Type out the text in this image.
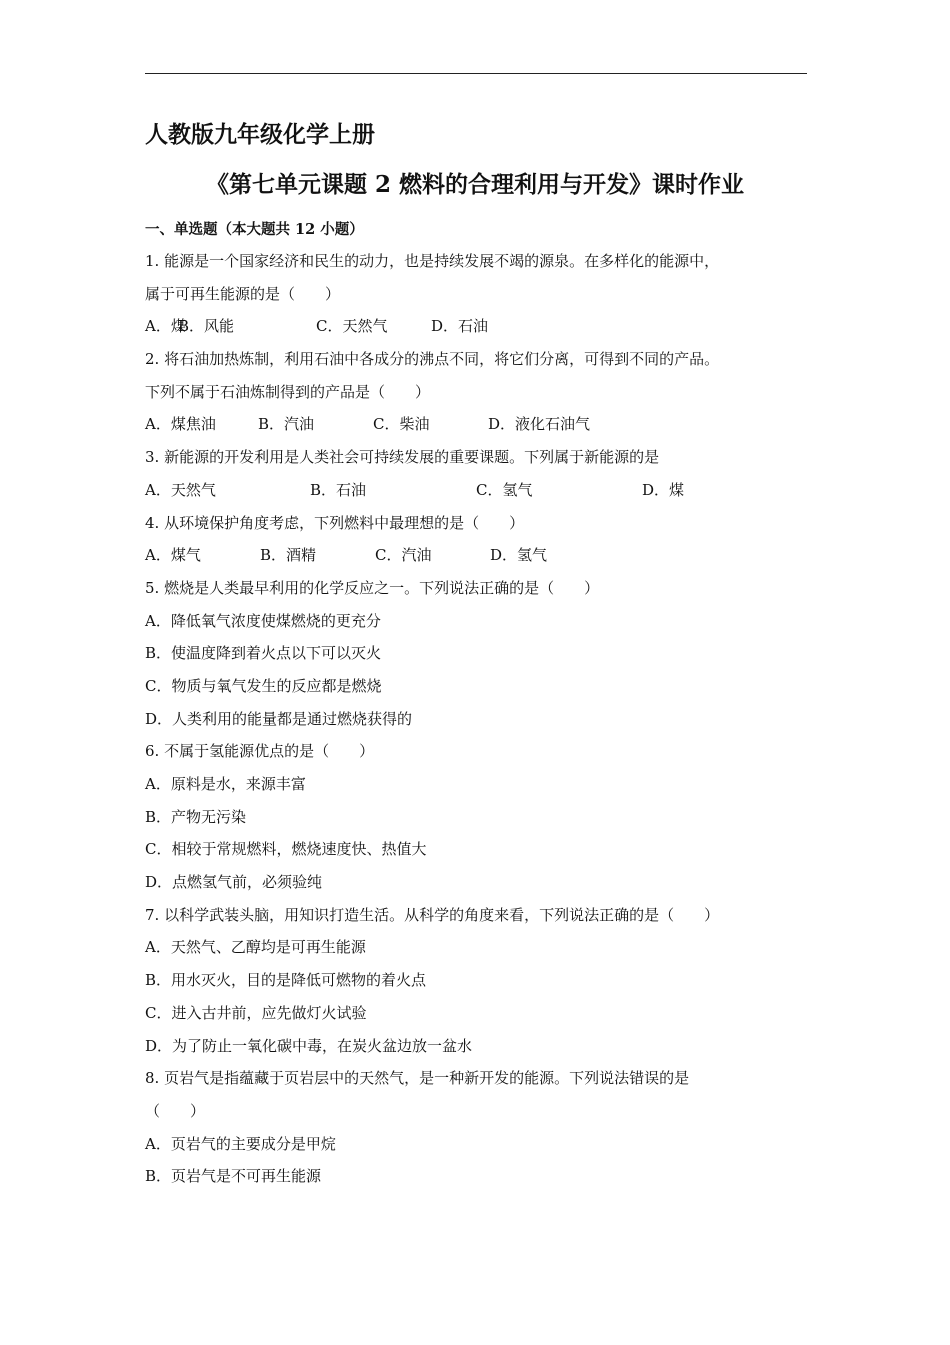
人教版九年级化学上册
《第七单元课题 2 燃料的合理利用与开发》课时作业
一、单选题（本大题共 12 小题）
1. 能源是一个国家经济和民生的动力，也是持续发展不竭的源泉。在多样化的能源中，
属于可再生能源的是（　　）
A．煤
B．风能	C．天然气	D．石油
2. 将石油加热炼制，利用石油中各成分的沸点不同，将它们分离，可得到不同的产品。
下列不属于石油炼制得到的产品是（　　）
A．煤焦油	B．汽油	C．柴油	D．液化石油气
3. 新能源的开发利用是人类社会可持续发展的重要课题。下列属于新能源的是
A．天然气	B．石油	C．氢气	D．煤
4. 从环境保护角度考虑，下列燃料中最理想的是（　　）
A．煤气	B．酒精	C．汽油	D．氢气
5. 燃烧是人类最早利用的化学反应之一。下列说法正确的是（　　）
A．降低氧气浓度使煤燃烧的更充分
B．使温度降到着火点以下可以灭火
C．物质与氧气发生的反应都是燃烧
D．人类利用的能量都是通过燃烧获得的
6. 不属于氢能源优点的是（　　）
A．原料是水，来源丰富
B．产物无污染
C．相较于常规燃料，燃烧速度快、热值大
D．点燃氢气前，必须验纯
7. 以科学武装头脑，用知识打造生活。从科学的角度来看，下列说法正确的是（　　）
A．天然气、乙醇均是可再生能源
B．用水灭火，目的是降低可燃物的着火点
C．进入古井前，应先做灯火试验
D．为了防止一氧化碳中毒，在炭火盆边放一盆水
8. 页岩气是指蕴藏于页岩层中的天然气，是一种新开发的能源。下列说法错误的是
（　　）
A．页岩气的主要成分是甲烷
B．页岩气是不可再生能源
